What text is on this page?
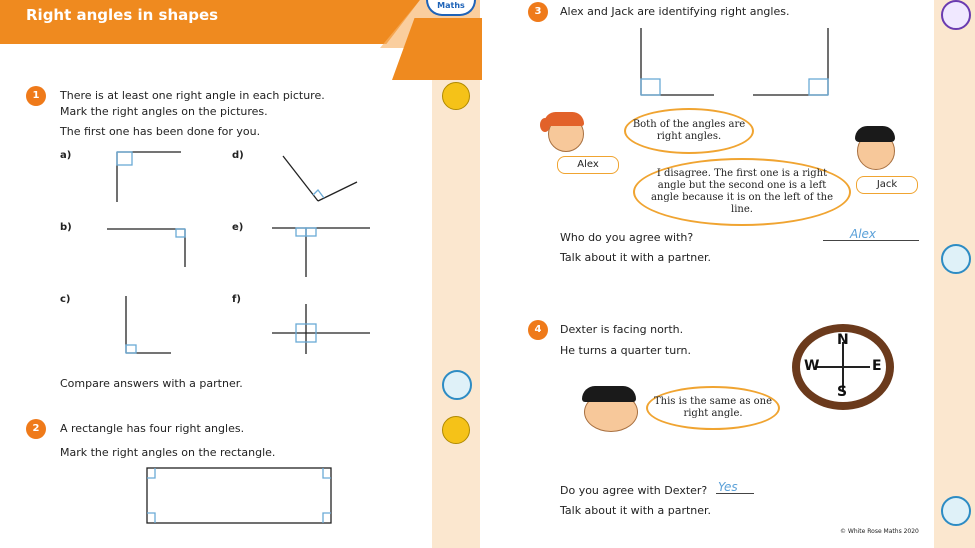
Right angles in shapes
Maths
1	There is at least one right angle in each picture.
Mark the right angles on the pictures.
The first one has been done for you.
a)
b)
c)
d)
e)
f)
Compare answers with a partner.
2	A rectangle has four right angles.
Mark the right angles on the rectangle.
3	Alex and Jack are identifying right angles.
Both of the angles are right angles.
Alex
I disagree. The first one is a right angle but the second one is a left angle because it is on the left of the line.
Jack
Who do you agree with?	Alex
Talk about it with a partner.
4	Dexter is facing north.
He turns a quarter turn.
N
E
S
W
This is the same as one right angle.
Do you agree with Dexter? Yes
Talk about it with a partner.
© White Rose Maths 2020
